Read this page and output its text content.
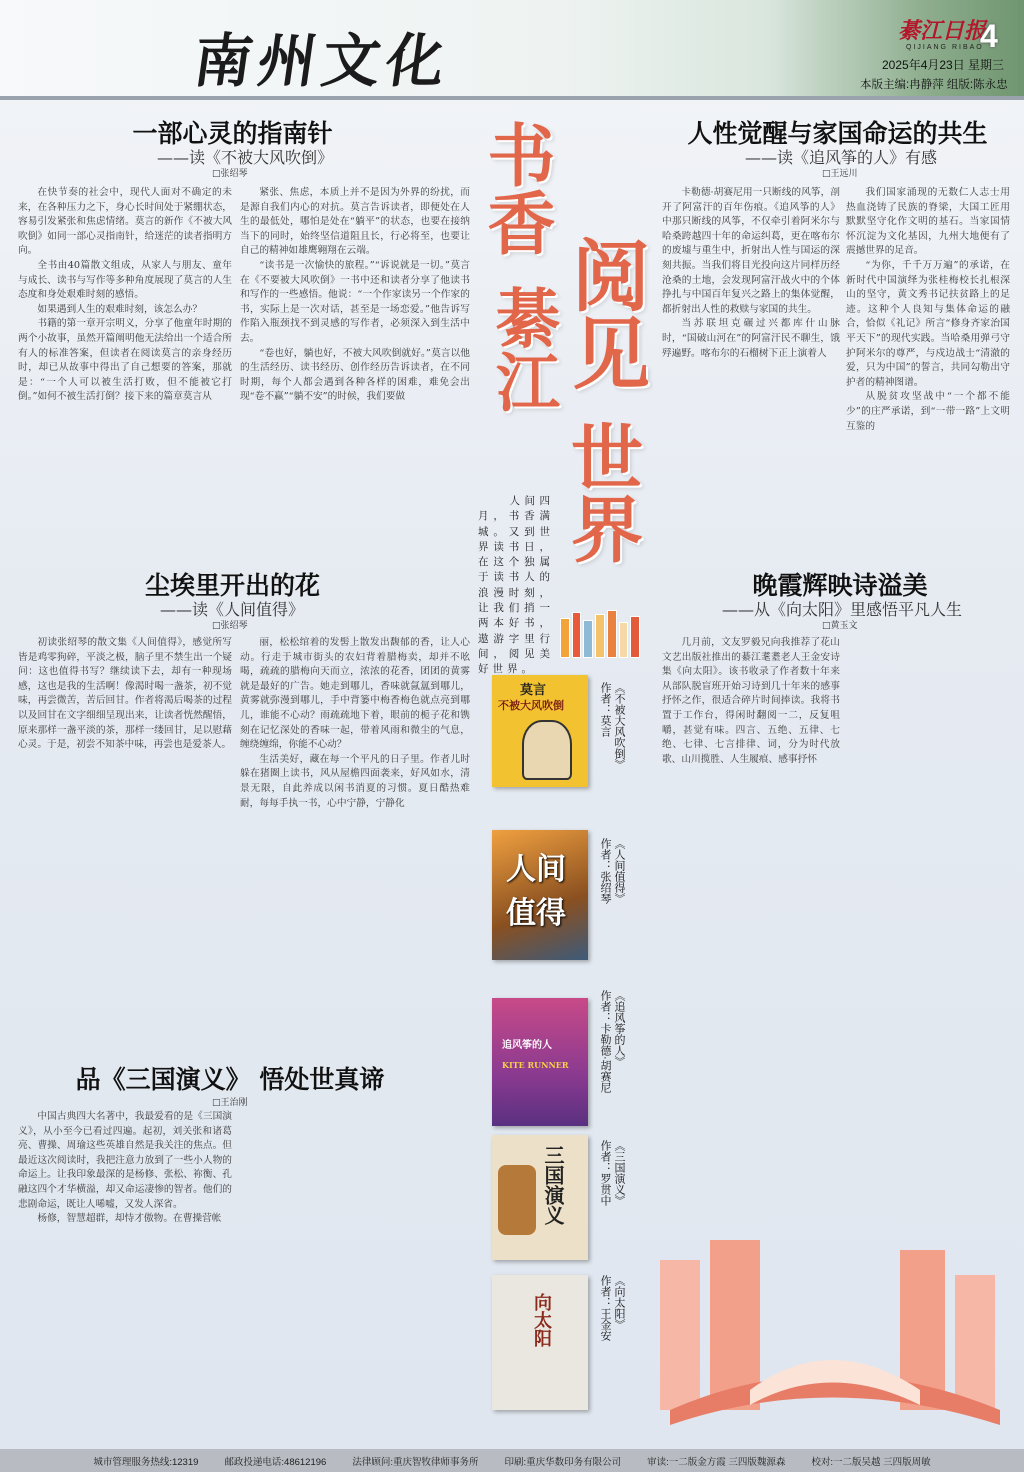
南州文化	綦江日报
QIJIANG RIBAO
4
2025年4月23日 星期三
本版主编:冉静萍 组版:陈永忠
一部心灵的指南针
——读《不被大风吹倒》
□张绍琴

在快节奏的社会中，现代人面对不确定的未来，在各种压力之下，身心长时间处于紧绷状态，容易引发紧张和焦虑情绪。莫言的新作《不被大风吹倒》如同一部心灵指南针，给迷茫的读者指明方向。

全书由40篇散文组成，从家人与朋友、童年与成长、读书与写作等多种角度展现了莫言的人生态度和身处艰难时刻的感悟。

如果遇到人生的艰难时刻，该怎么办？

书籍的第一章开宗明义，分享了他童年时期的两个小故事，虽然开篇阐明他无法给出一个适合所有人的标准答案，但读者在阅读莫言的亲身经历时，却已从故事中得出了自己想要的答案，那就是：“一个人可以被生活打败，但不能被它打倒。”如何不被生活打倒？接下来的篇章莫言从

紧张、焦虑，本质上并不是因为外界的纷扰，而是源自我们内心的对抗。莫言告诉读者，即便处在人生的最低处，哪怕是处在“躺平”的状态，也要在接纳当下的同时，始终坚信道阻且长，行必将至，也要让自己的精神如雄鹰翱翔在云端。

“读书是一次愉快的旅程。”“诉说就是一切。”莫言在《不要被大风吹倒》一书中还和读者分享了他读书和写作的一些感悟。他说：“一个作家读另一个作家的书，实际上是一次对话，甚至是一场恋爱。”他告诉写作陷入瓶颈找不到灵感的写作者，必须深入到生活中去。

“卷也好，躺也好，不被大风吹倒就好。”莫言以他的生活经历、读书经历、创作经历告诉读者，在不同时期，每个人都会遇到各种各样的困难，难免会出现“卷不赢”“躺不安”的时候，我们要做

人性觉醒与家国命运的共生
——读《追风筝的人》有感
□王远川

卡勒德·胡赛尼用一只断线的风筝，剖开了阿富汗的百年伤痕。《追风筝的人》中那只断线的风筝，不仅牵引着阿米尔与哈桑跨越四十年的命运纠葛，更在喀布尔的废墟与重生中，折射出人性与国运的深刻共振。当我们将目光投向这片同样历经沧桑的土地，会发现阿富汗战火中的个体挣扎与中国百年复兴之路上的集体觉醒，都折射出人性的救赎与家国的共生。

当苏联坦克碾过兴都库什山脉时，“国破山河在”的阿富汗民不聊生，饿殍遍野。喀布尔的石榴树下正上演着人

我们国家涌现的无数仁人志士用热血浇铸了民族的脊梁，大国工匠用默默坚守化作文明的基石。当家国情怀沉淀为文化基因，九州大地便有了震撼世界的足音。

“为你，千千万万遍”的承诺，在新时代中国演绎为张桂梅校长扎根深山的坚守，黄文秀书记扶贫路上的足迹。这种个人良知与集体命运的融合，恰似《礼记》所言“修身齐家治国平天下”的现代实践。当哈桑用弹弓守护阿米尔的尊严，与戍边战士“清澈的爱，只为中国”的誓言，共同勾勒出守护者的精神图谱。

从脱贫攻坚战中“一个都不能少”的庄严承诺，到“一带一路”上文明互鉴的

书香
綦江 阅见
世界

人间四月，书香满城。又到世界读书日，在这个独属于读书人的浪漫时刻，让我们捎一两本好书，遨游字里行间，阅见美好世界。

尘埃里开出的花
——读《人间值得》
□张绍琴

初读张绍琴的散文集《人间值得》，感觉所写皆是鸡零狗碎，平淡之极，脑子里不禁生出一个疑问：这也值得书写？继续读下去，却有一种现场感，这也是我的生活啊！像渴时喝一盏茶，初不觉味，再尝微苦，苦后回甘。作者将渴后喝茶的过程以及回甘在文字细细呈现出来，让读者恍然醒悟，原来那样一盏平淡的茶，那样一缕回甘，足以慰藉心灵。于是，初尝不知茶中味，再尝也是爱茶人。

丽，松松绾着的发髻上散发出馥郁的香，让人心动。行走于城市街头的农妇背着腊梅卖，却并不吆喝，疏疏的腊梅向天而立，浓浓的花香，团团的黄雾就是最好的广告。她走到哪儿，香味就氤氲到哪儿，黄雾就弥漫到哪儿，手中背篓中梅香梅色就点亮到哪儿，谁能不心动？雨疏疏地下着，眼前的栀子花和镌刻在记忆深处的香味一起，带着风雨和微尘的气息，缠绕缠绵，你能不心动？

生活美好，藏在每一个平凡的日子里。作者儿时躲在猪圈上读书，风从屋檐四面袭来，好风如水，清景无限，自此养成以闲书消夏的习惯。夏日酷热难耐，每每手执一书，心中宁静，宁静化

品《三国演义》 悟处世真谛
□王治刚

中国古典四大名著中，我最爱看的是《三国演义》，从小至今已看过四遍。起初，刘关张和诸葛亮、曹操、周瑜这些英雄自然是我关注的焦点。但最近这次阅读时，我把注意力放到了一些小人物的命运上。让我印象最深的是杨修、张松、祢衡、孔融这四个才华横溢，却又命运凄惨的智者。他们的悲剧命运，既让人唏嘘，又发人深省。

杨修，智慧超群，却恃才傲物。在曹操营帐

晚霞辉映诗溢美
——从《向太阳》里感悟平凡人生
□黄玉文

几月前，文友罗毅兄向我推荐了花山文艺出版社推出的綦江耄耋老人王金安诗集《向太阳》。该书收录了作者数十年来从部队脱盲班开始习诗到几十年来的感事抒怀之作，很适合碎片时间捧读。我将书置于工作台，得闲时翻阅一二，反复咀嚼，甚觉有味。四言、五绝、五律、七绝、七律、七言排律、词，分为时代放歌、山川揽胜、人生履痕、感事抒怀

莫言
不被大风吹倒	《不被大风吹倒》
作者：莫言
人间值得
《人间值得》
作者：张绍琴
追风筝的人
KITE RUNNER	《追风筝的人》
作者：卡勒德·胡赛尼
三国演义	《三国演义》
作者：罗贯中
向太阳	《向太阳》
作者：王金安
城市管理服务热线:12319	邮政投递电话:48612196	法律顾问:重庆智牧律师事务所	印刷:重庆华数印务有限公司	审读:一二版金方霞 三四版魏源森	校对:一二版吴越 三四版周敏
